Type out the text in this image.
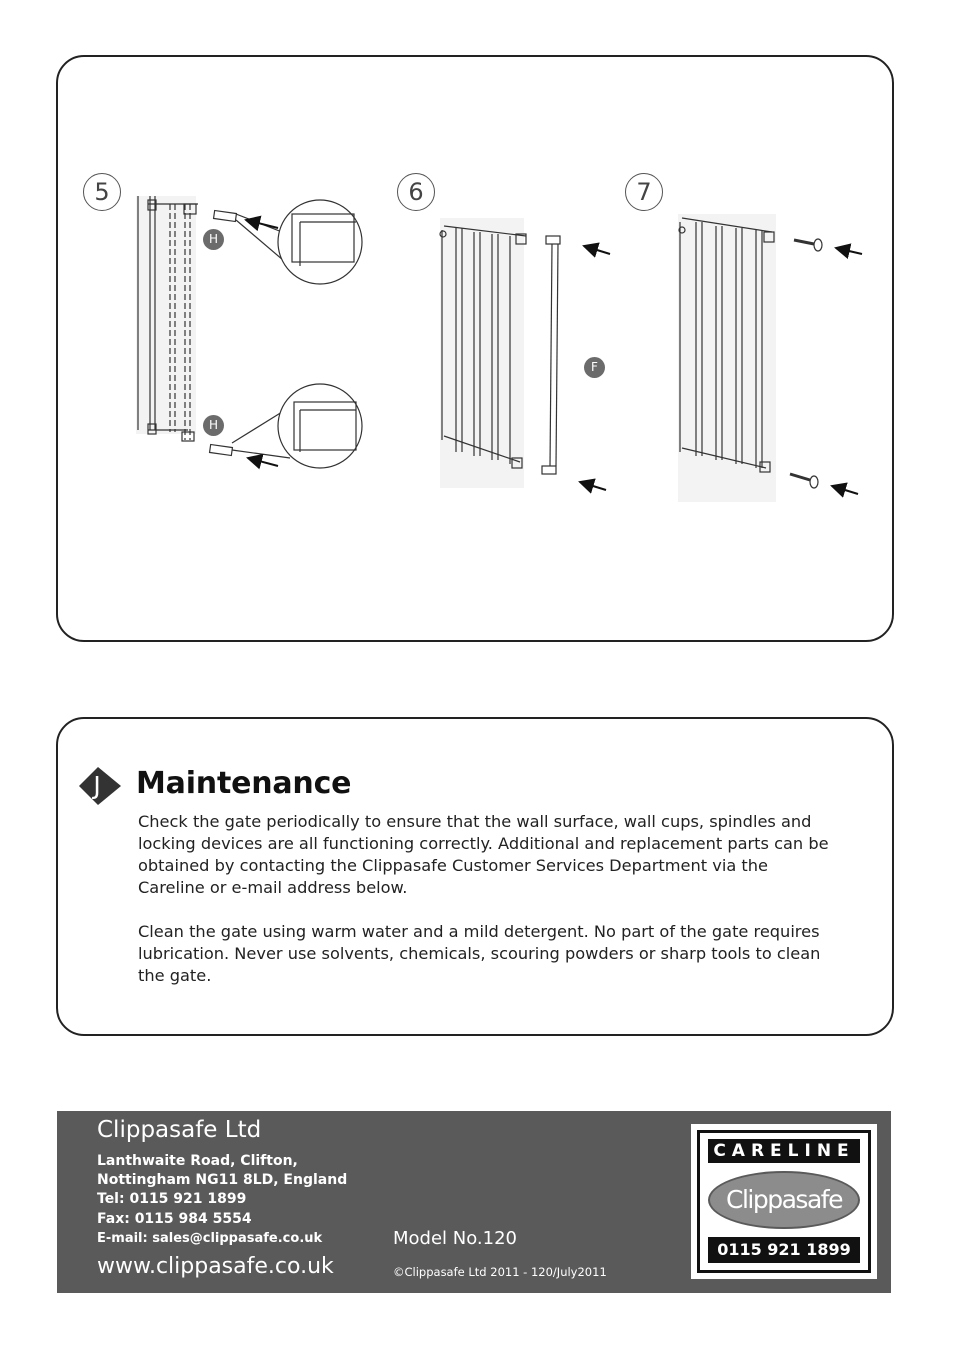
5	6	7
H
H
F
J Maintenance

Check the gate periodically to ensure that the wall surface, wall cups, spindles and locking devices are all functioning correctly. Additional and replacement parts can be obtained by contacting the Clippasafe Customer Services Department via the Careline or e-mail address below.

Clean the gate using warm water and a mild detergent. No part of the gate requires lubrication. Never use solvents, chemicals, scouring powders or sharp tools to clean the gate.

Clippasafe Ltd
Lanthwaite Road, Clifton,
Nottingham NG11 8LD, England
Tel: 0115 921 1899
Fax: 0115 984 5554
E-mail: sales@clippasafe.co.uk
www.clippasafe.co.uk
Model No.120
©Clippasafe Ltd 2011 - 120/July2011
CARELINE
Clippasafe
0115 921 1899
